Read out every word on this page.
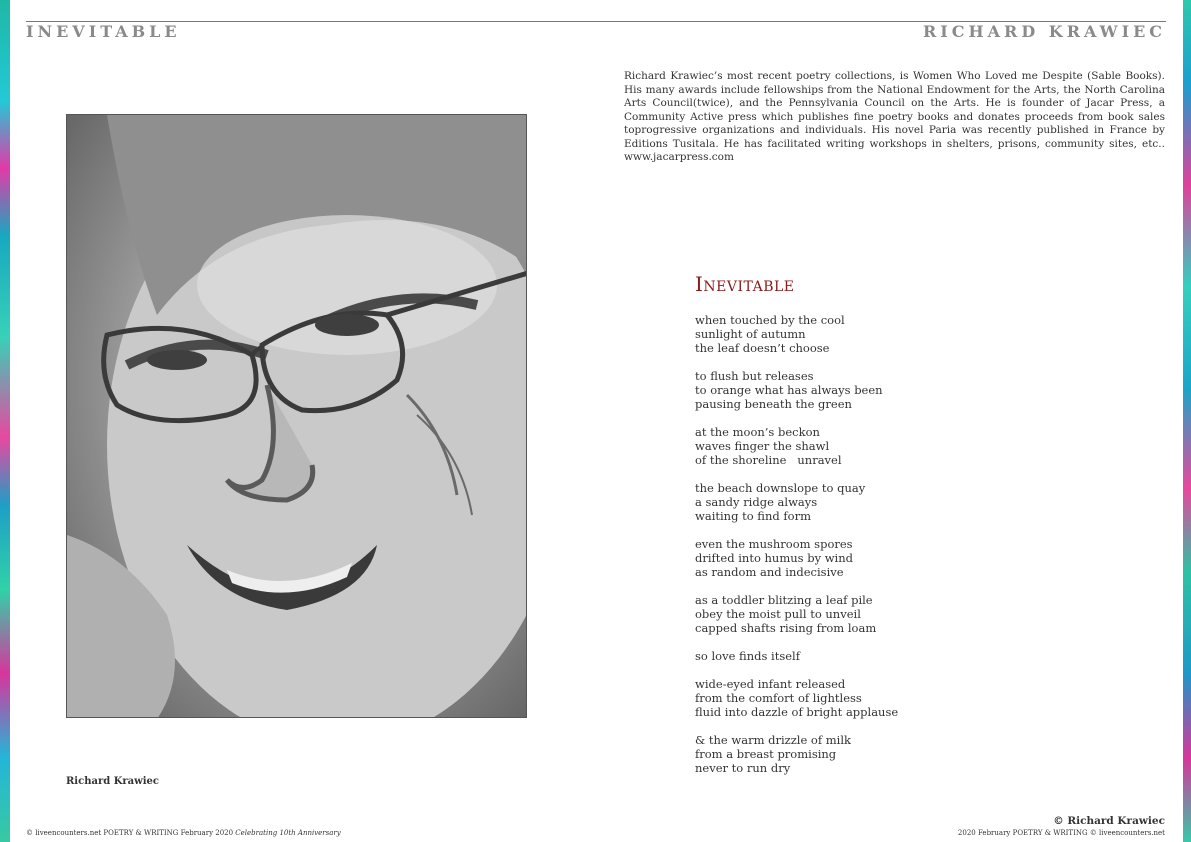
INEVITABLE	RICHARD KRAWIEC
Richard Krawiec
Richard Krawiec’s most recent poetry collections, is Women Who Loved me Despite (Sable Books). His many awards include fellowships from the National Endowment for the Arts, the North Carolina Arts Council(twice), and the Pennsylvania Council on the Arts. He is founder of Jacar Press, a Community Active press which publishes fine poetry books and donates proceeds from book sales toprogressive organizations and individuals. His novel Paria was recently published in France by Editions Tusitala. He has facilitated writing workshops in shelters, prisons, community sites, etc.. www.jacarpress.com
Inevitable
when touched by the cool
sunlight of autumn
the leaf doesn’t choose
to flush but releases
to orange what has always been
pausing beneath the green
at the moon’s beckon
waves finger the shawl
of the shoreline   unravel
the beach downslope to quay
a sandy ridge always
waiting to find form
even the mushroom spores
drifted into humus by wind
as random and indecisive
as a toddler blitzing a leaf pile
obey the moist pull to unveil
capped shafts rising from loam
so love finds itself
wide-eyed infant released
from the comfort of lightless
fluid into dazzle of bright applause
& the warm drizzle of milk
from a breast promising
never to run dry
© Richard Krawiec
© liveencounters.net POETRY & WRITING February 2020 Celebrating 10th Anniversary	2020 February POETRY & WRITING © liveencounters.net
